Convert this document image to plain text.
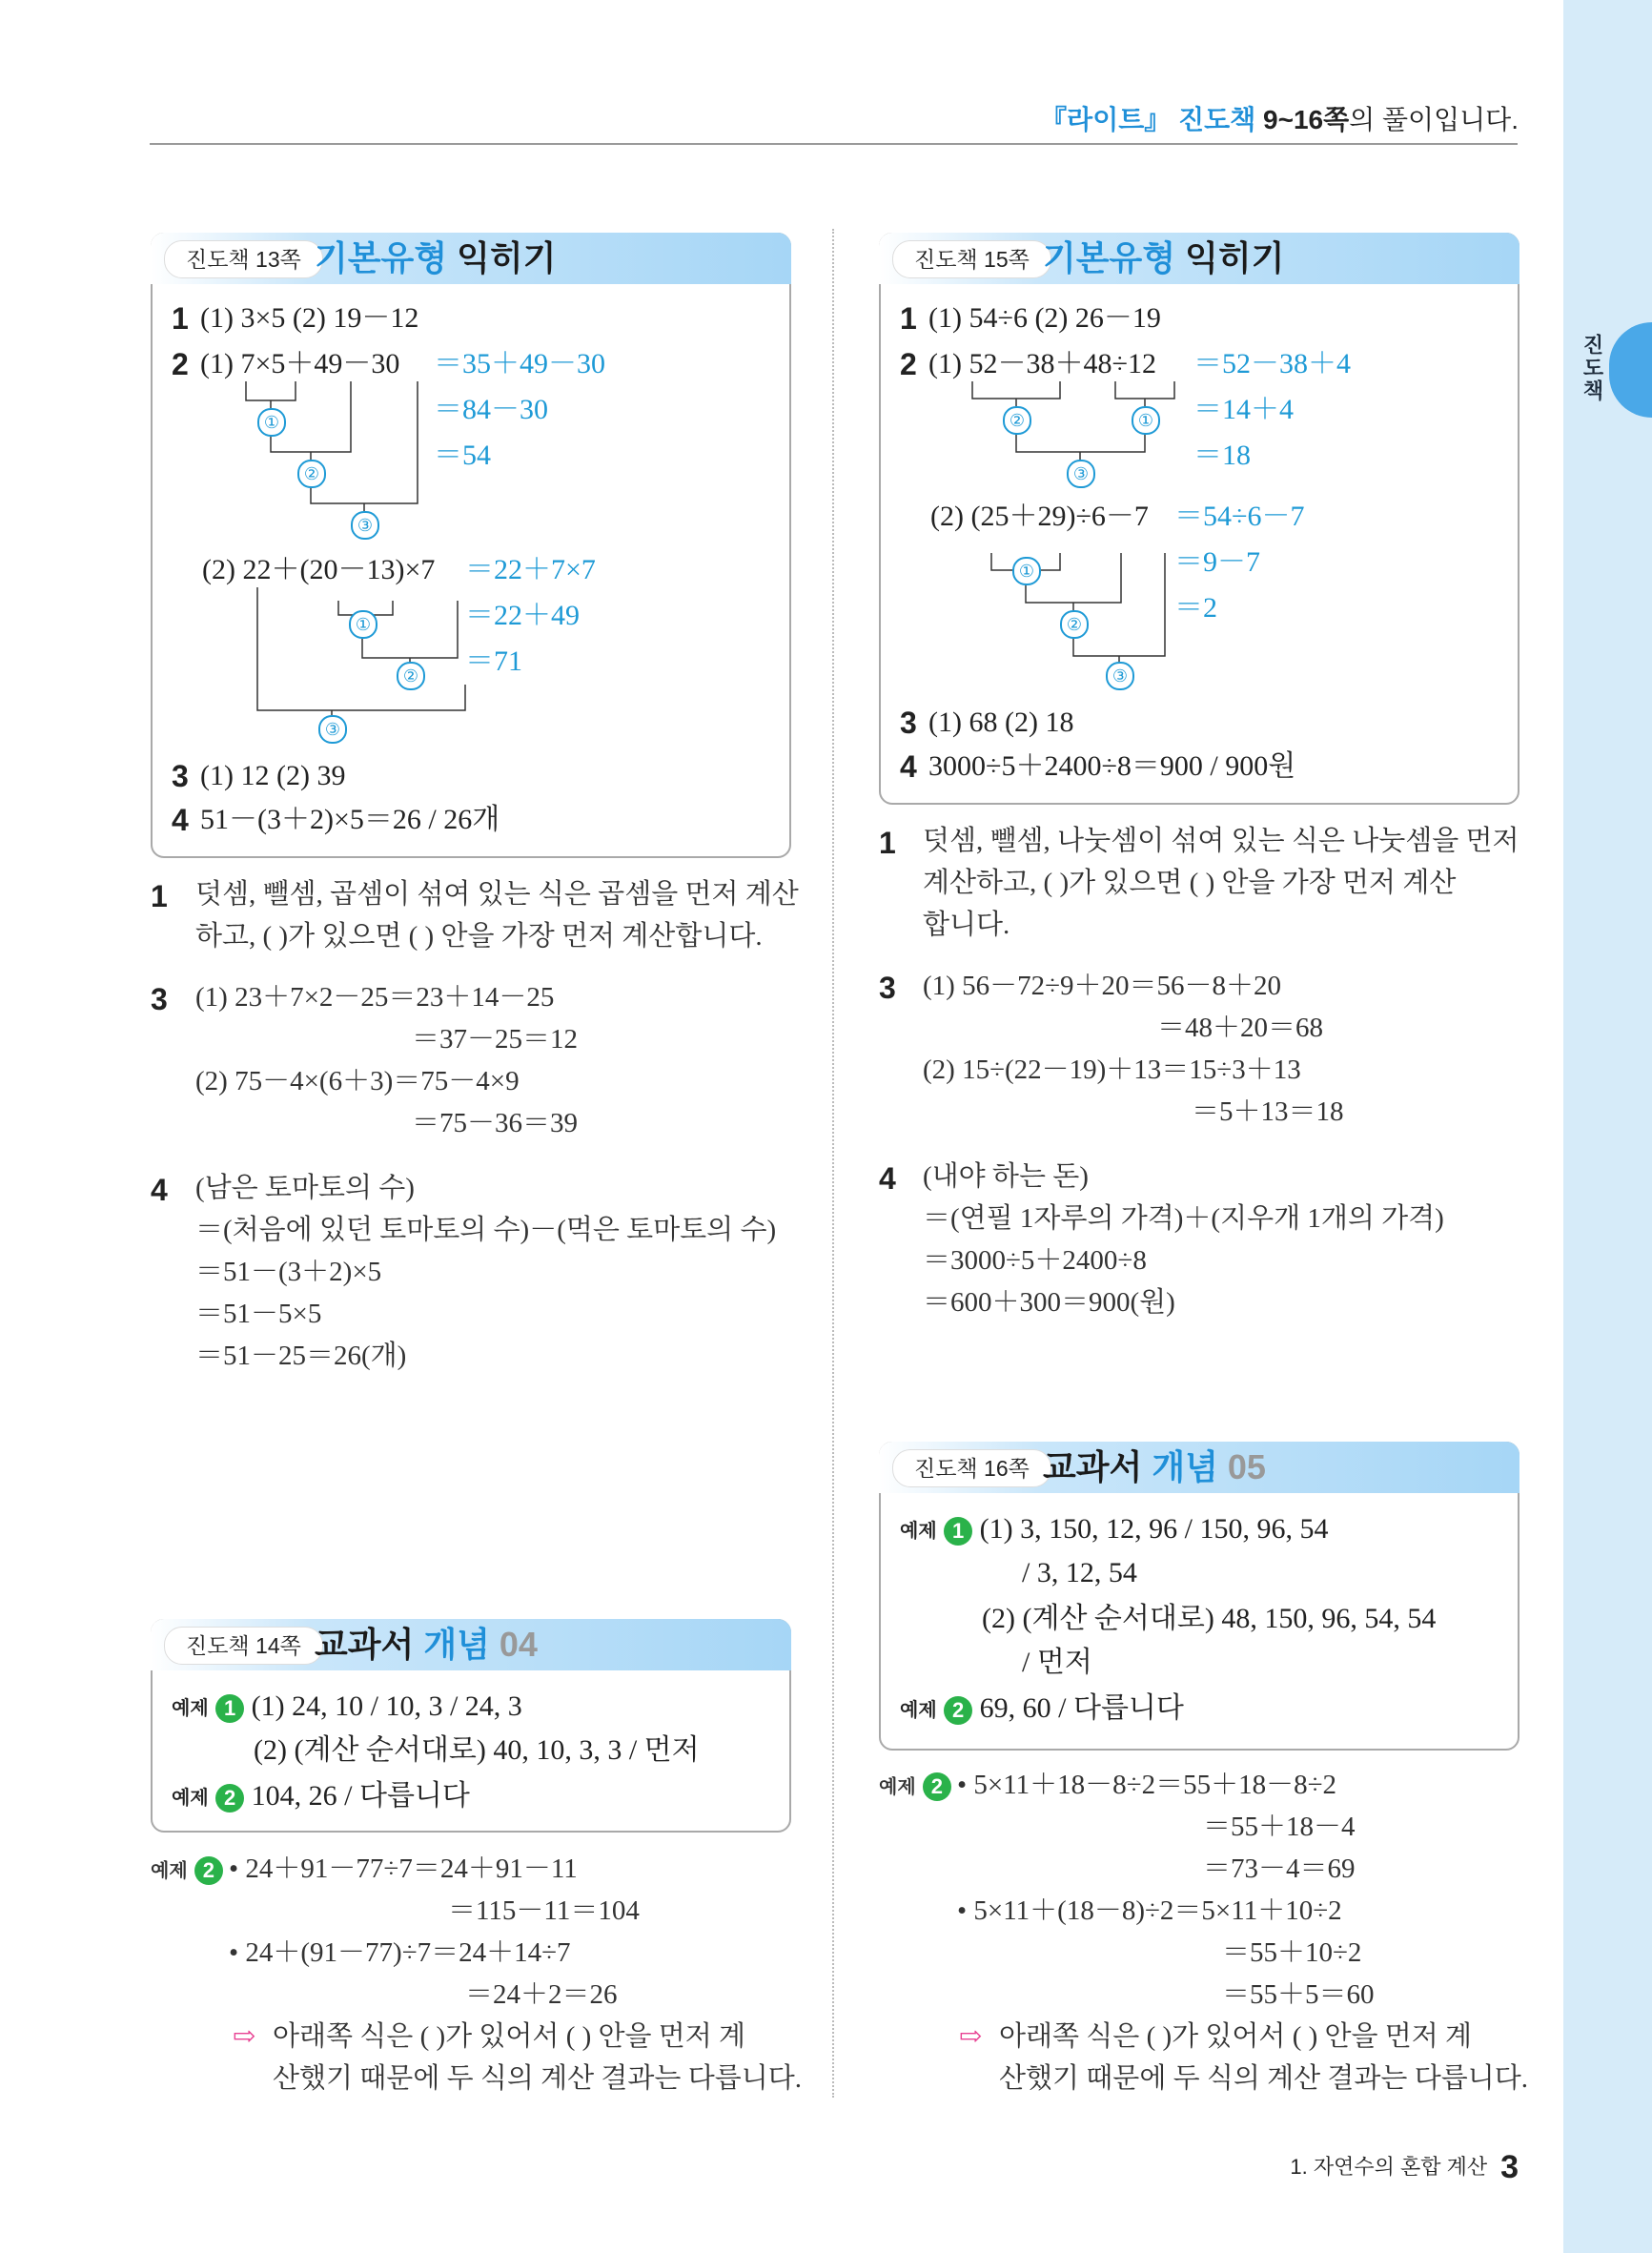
진도책
『라이트』 진도책 9~16쪽의 풀이입니다.
진도책 13쪽 기본유형 익히기
1 (1) 3×5 (2) 19－12
2 (1) 7×5＋49－30 ＝35＋49－30
＝84－30
＝54
①
②
③
(2) 22＋(20－13)×7 ＝22＋7×7
＝22＋49
＝71
①
②
③
3 (1) 12 (2) 39
4 51－(3＋2)×5＝26 / 26개
1 덧셈, 뺄셈, 곱셈이 섞여 있는 식은 곱셈을 먼저 계산
하고, ( )가 있으면 ( ) 안을 가장 먼저 계산합니다.
3 (1) 23＋7×2－25＝23＋14－25
＝37－25＝12
(2) 75－4×(6＋3)＝75－4×9
＝75－36＝39
4 (남은 토마토의 수)
＝(처음에 있던 토마토의 수)－(먹은 토마토의 수)
＝51－(3＋2)×5
＝51－5×5
＝51－25＝26(개)
진도책 15쪽 기본유형 익히기
1 (1) 54÷6 (2) 26－19
2 (1) 52－38＋48÷12 ＝52－38＋4
＝14＋4
＝18
②	①
③
(2) (25＋29)÷6－7 ＝54÷6－7
＝9－7
＝2
①
②
③
3 (1) 68 (2) 18
4 3000÷5＋2400÷8＝900 / 900원
1 덧셈, 뺄셈, 나눗셈이 섞여 있는 식은 나눗셈을 먼저
계산하고, ( )가 있으면 ( ) 안을 가장 먼저 계산
합니다.
3 (1) 56－72÷9＋20＝56－8＋20
＝48＋20＝68
(2) 15÷(22－19)＋13＝15÷3＋13
＝5＋13＝18
4 (내야 하는 돈)
＝(연필 1자루의 가격)＋(지우개 1개의 가격)
＝3000÷5＋2400÷8
＝600＋300＝900(원)
진도책 14쪽 교과서 개념 04
예제 1 (1) 24, 10 / 10, 3 / 24, 3
(2) (계산 순서대로) 40, 10, 3, 3 / 먼저
예제 2 104, 26 / 다릅니다
예제 2 • 24＋91－77÷7＝24＋91－11
＝115－11＝104
• 24＋(91－77)÷7＝24＋14÷7
＝24＋2＝26
⇨ 아래쪽 식은 ( )가 있어서 ( ) 안을 먼저 계
산했기 때문에 두 식의 계산 결과는 다릅니다.
진도책 16쪽 교과서 개념 05
예제 1 (1) 3, 150, 12, 96 / 150, 96, 54
/ 3, 12, 54
(2) (계산 순서대로) 48, 150, 96, 54, 54
/ 먼저
예제 2 69, 60 / 다릅니다
예제 2 • 5×11＋18－8÷2＝55＋18－8÷2
＝55＋18－4
＝73－4＝69
• 5×11＋(18－8)÷2＝5×11＋10÷2
＝55＋10÷2
＝55＋5＝60
⇨ 아래쪽 식은 ( )가 있어서 ( ) 안을 먼저 계
산했기 때문에 두 식의 계산 결과는 다릅니다.
1. 자연수의 혼합 계산 3
